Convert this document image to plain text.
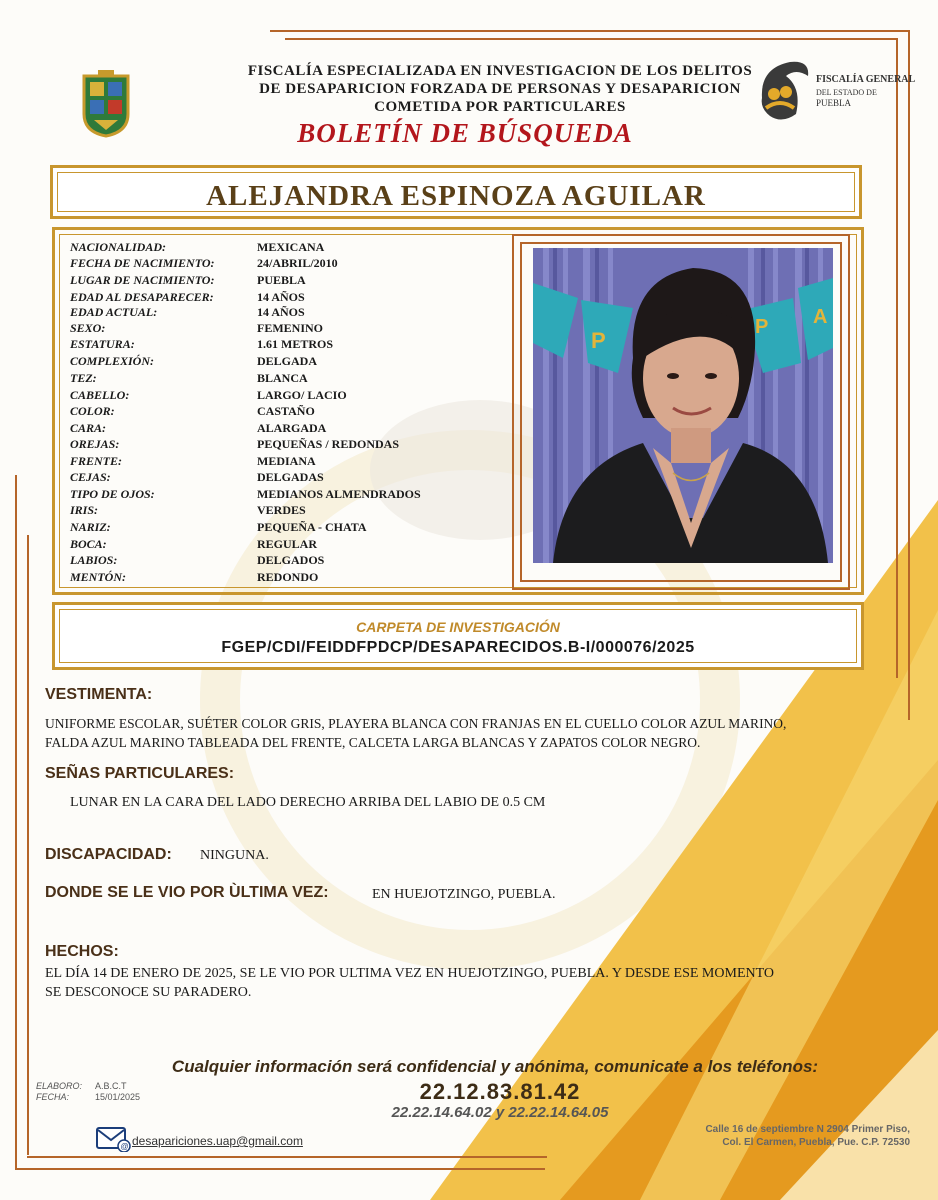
FISCALÍA ESPECIALIZADA EN INVESTIGACION DE LOS DELITOS
DE DESAPARICION FORZADA DE PERSONAS Y DESAPARICION
COMETIDA POR PARTICULARES
BOLETÍN DE BÚSQUEDA
FISCALÍA GENERAL
DEL ESTADO DE
PUEBLA
ALEJANDRA ESPINOZA AGUILAR
NACIONALIDAD:	MEXICANA
FECHA DE NACIMIENTO:	24/ABRIL/2010
LUGAR DE NACIMIENTO:	PUEBLA
EDAD AL DESAPARECER:	14 AÑOS
EDAD ACTUAL:	14 AÑOS
SEXO:	FEMENINO
ESTATURA:	1.61 METROS
COMPLEXIÓN:	DELGADA
TEZ:	BLANCA
CABELLO:	LARGO/ LACIO
COLOR:	CASTAÑO
CARA:	ALARGADA
OREJAS:	PEQUEÑAS / REDONDAS
FRENTE:	MEDIANA
CEJAS:	DELGADAS
TIPO DE OJOS:	MEDIANOS ALMENDRADOS
IRIS:	VERDES
NARIZ:	PEQUEÑA - CHATA
BOCA:	REGULAR
LABIOS:	DELGADOS
MENTÓN:	REDONDO
P
P A
CARPETA DE INVESTIGACIÓN
FGEP/CDI/FEIDDFPDCP/DESAPARECIDOS.B-I/000076/2025
VESTIMENTA:
UNIFORME ESCOLAR, SUÉTER COLOR GRIS, PLAYERA BLANCA CON FRANJAS EN EL CUELLO COLOR AZUL MARINO,
FALDA AZUL MARINO TABLEADA DEL FRENTE, CALCETA LARGA BLANCAS Y ZAPATOS COLOR NEGRO.
SEÑAS PARTICULARES:
LUNAR EN LA CARA DEL LADO DERECHO ARRIBA DEL LABIO DE 0.5 CM
DISCAPACIDAD: NINGUNA.
DONDE SE LE VIO POR ÙLTIMA VEZ:	EN HUEJOTZINGO, PUEBLA.
HECHOS:
EL DÍA 14 DE ENERO DE 2025, SE LE VIO POR ULTIMA VEZ EN HUEJOTZINGO, PUEBLA. Y DESDE ESE MOMENTO
SE DESCONOCE SU PARADERO.
Cualquier información será confidencial y anónima, comunicate a los teléfonos:
22.12.83.81.42
22.22.14.64.02 y 22.22.14.64.05
ELABORO: A.B.C.T
FECHA:	15/01/2025
@ desapariciones.uap@gmail.com
Calle 16 de septiembre N 2904 Primer Piso,
Col. El Carmen, Puebla, Pue. C.P. 72530
